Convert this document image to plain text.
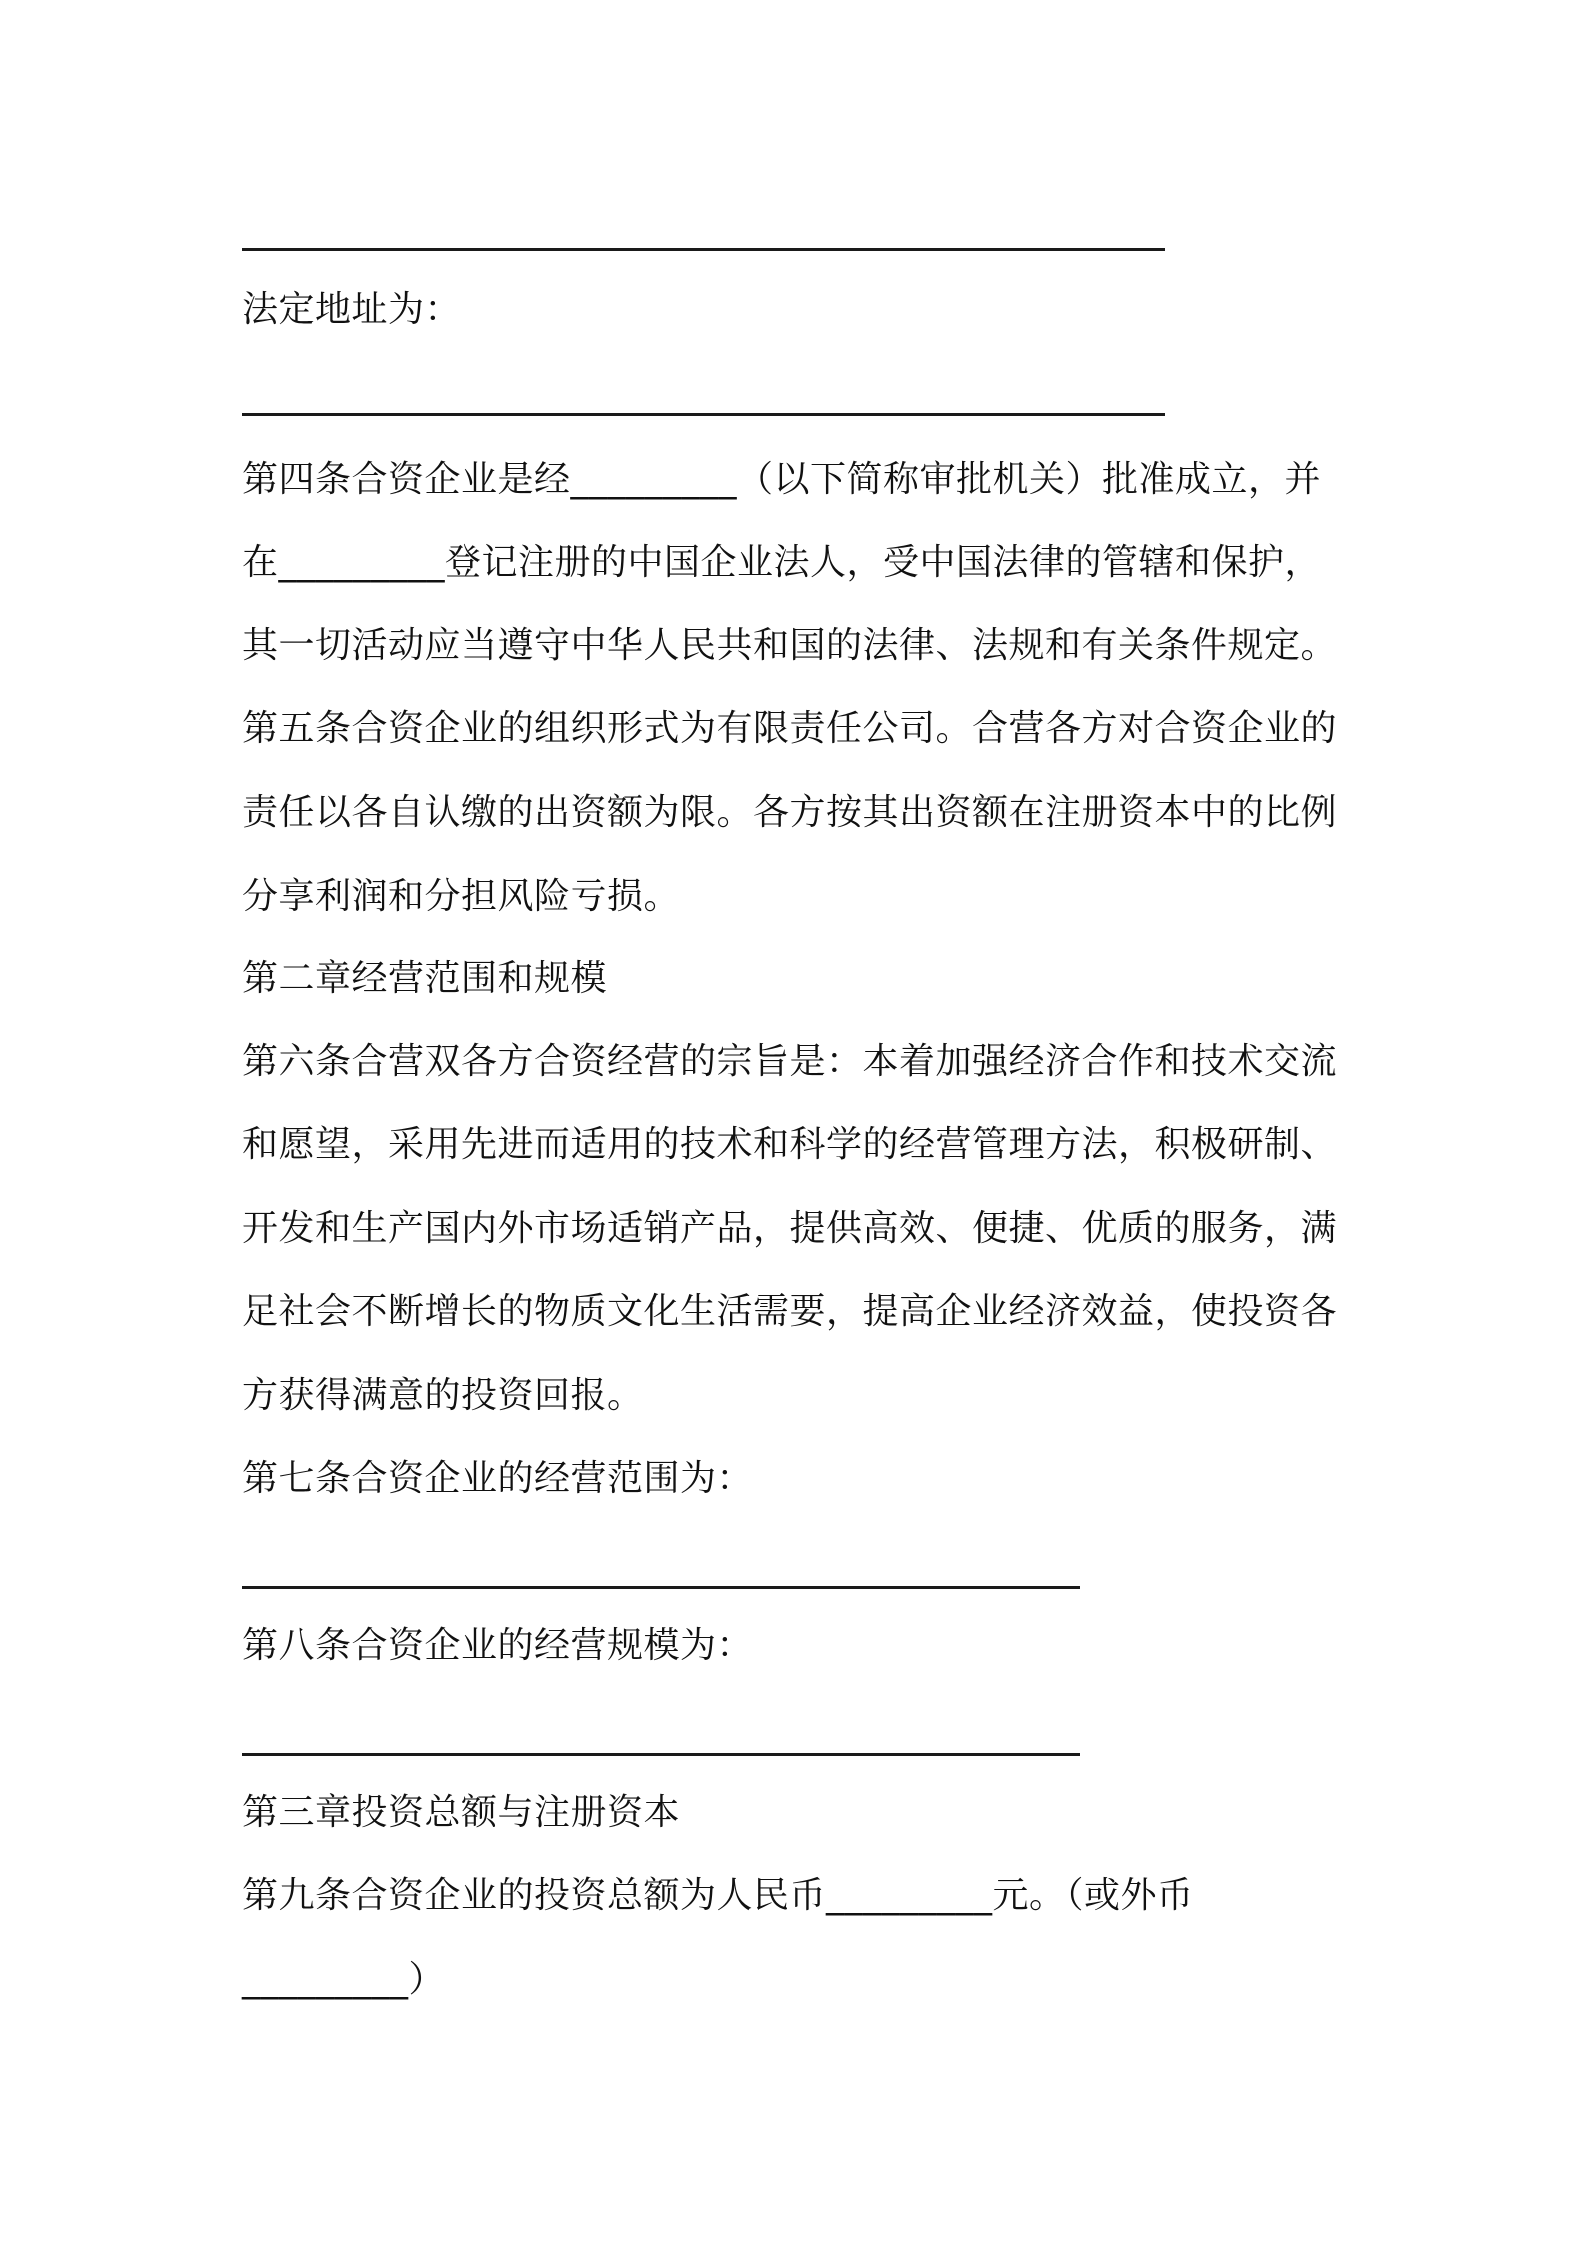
法定地址为：

第四条合资企业是经_________（以下简称审批机关）批准成立，并

在_________登记注册的中国企业法人，受中国法律的管辖和保护，

其一切活动应当遵守中华人民共和国的法律、法规和有关条件规定。

第五条合资企业的组织形式为有限责任公司。合营各方对合资企业的

责任以各自认缴的出资额为限。各方按其出资额在注册资本中的比例

分享利润和分担风险亏损。

第二章经营范围和规模

第六条合营双各方合资经营的宗旨是：本着加强经济合作和技术交流

和愿望，采用先进而适用的技术和科学的经营管理方法，积极研制、

开发和生产国内外市场适销产品，提供高效、便捷、优质的服务，满

足社会不断增长的物质文化生活需要，提高企业经济效益，使投资各

方获得满意的投资回报。

第七条合资企业的经营范围为：

第八条合资企业的经营规模为：

第三章投资总额与注册资本

第九条合资企业的投资总额为人民币_________元。（或外币

_________）
